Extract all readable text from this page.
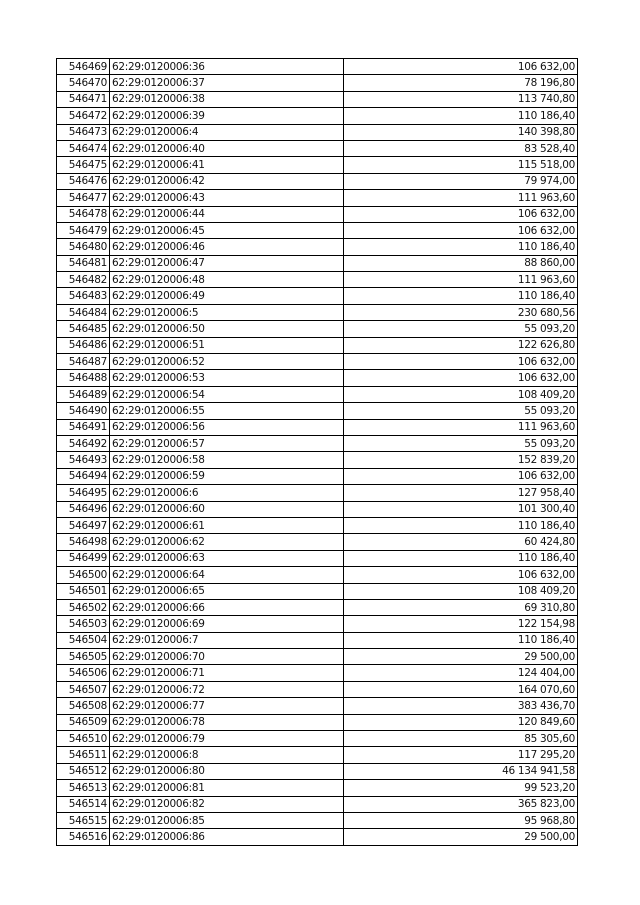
546469	62:29:0120006:36	106 632,00
546470	62:29:0120006:37	78 196,80
546471	62:29:0120006:38	113 740,80
546472	62:29:0120006:39	110 186,40
546473	62:29:0120006:4	140 398,80
546474	62:29:0120006:40	83 528,40
546475	62:29:0120006:41	115 518,00
546476	62:29:0120006:42	79 974,00
546477	62:29:0120006:43	111 963,60
546478	62:29:0120006:44	106 632,00
546479	62:29:0120006:45	106 632,00
546480	62:29:0120006:46	110 186,40
546481	62:29:0120006:47	88 860,00
546482	62:29:0120006:48	111 963,60
546483	62:29:0120006:49	110 186,40
546484	62:29:0120006:5	230 680,56
546485	62:29:0120006:50	55 093,20
546486	62:29:0120006:51	122 626,80
546487	62:29:0120006:52	106 632,00
546488	62:29:0120006:53	106 632,00
546489	62:29:0120006:54	108 409,20
546490	62:29:0120006:55	55 093,20
546491	62:29:0120006:56	111 963,60
546492	62:29:0120006:57	55 093,20
546493	62:29:0120006:58	152 839,20
546494	62:29:0120006:59	106 632,00
546495	62:29:0120006:6	127 958,40
546496	62:29:0120006:60	101 300,40
546497	62:29:0120006:61	110 186,40
546498	62:29:0120006:62	60 424,80
546499	62:29:0120006:63	110 186,40
546500	62:29:0120006:64	106 632,00
546501	62:29:0120006:65	108 409,20
546502	62:29:0120006:66	69 310,80
546503	62:29:0120006:69	122 154,98
546504	62:29:0120006:7	110 186,40
546505	62:29:0120006:70	29 500,00
546506	62:29:0120006:71	124 404,00
546507	62:29:0120006:72	164 070,60
546508	62:29:0120006:77	383 436,70
546509	62:29:0120006:78	120 849,60
546510	62:29:0120006:79	85 305,60
546511	62:29:0120006:8	117 295,20
546512	62:29:0120006:80	46 134 941,58
546513	62:29:0120006:81	99 523,20
546514	62:29:0120006:82	365 823,00
546515	62:29:0120006:85	95 968,80
546516	62:29:0120006:86	29 500,00
